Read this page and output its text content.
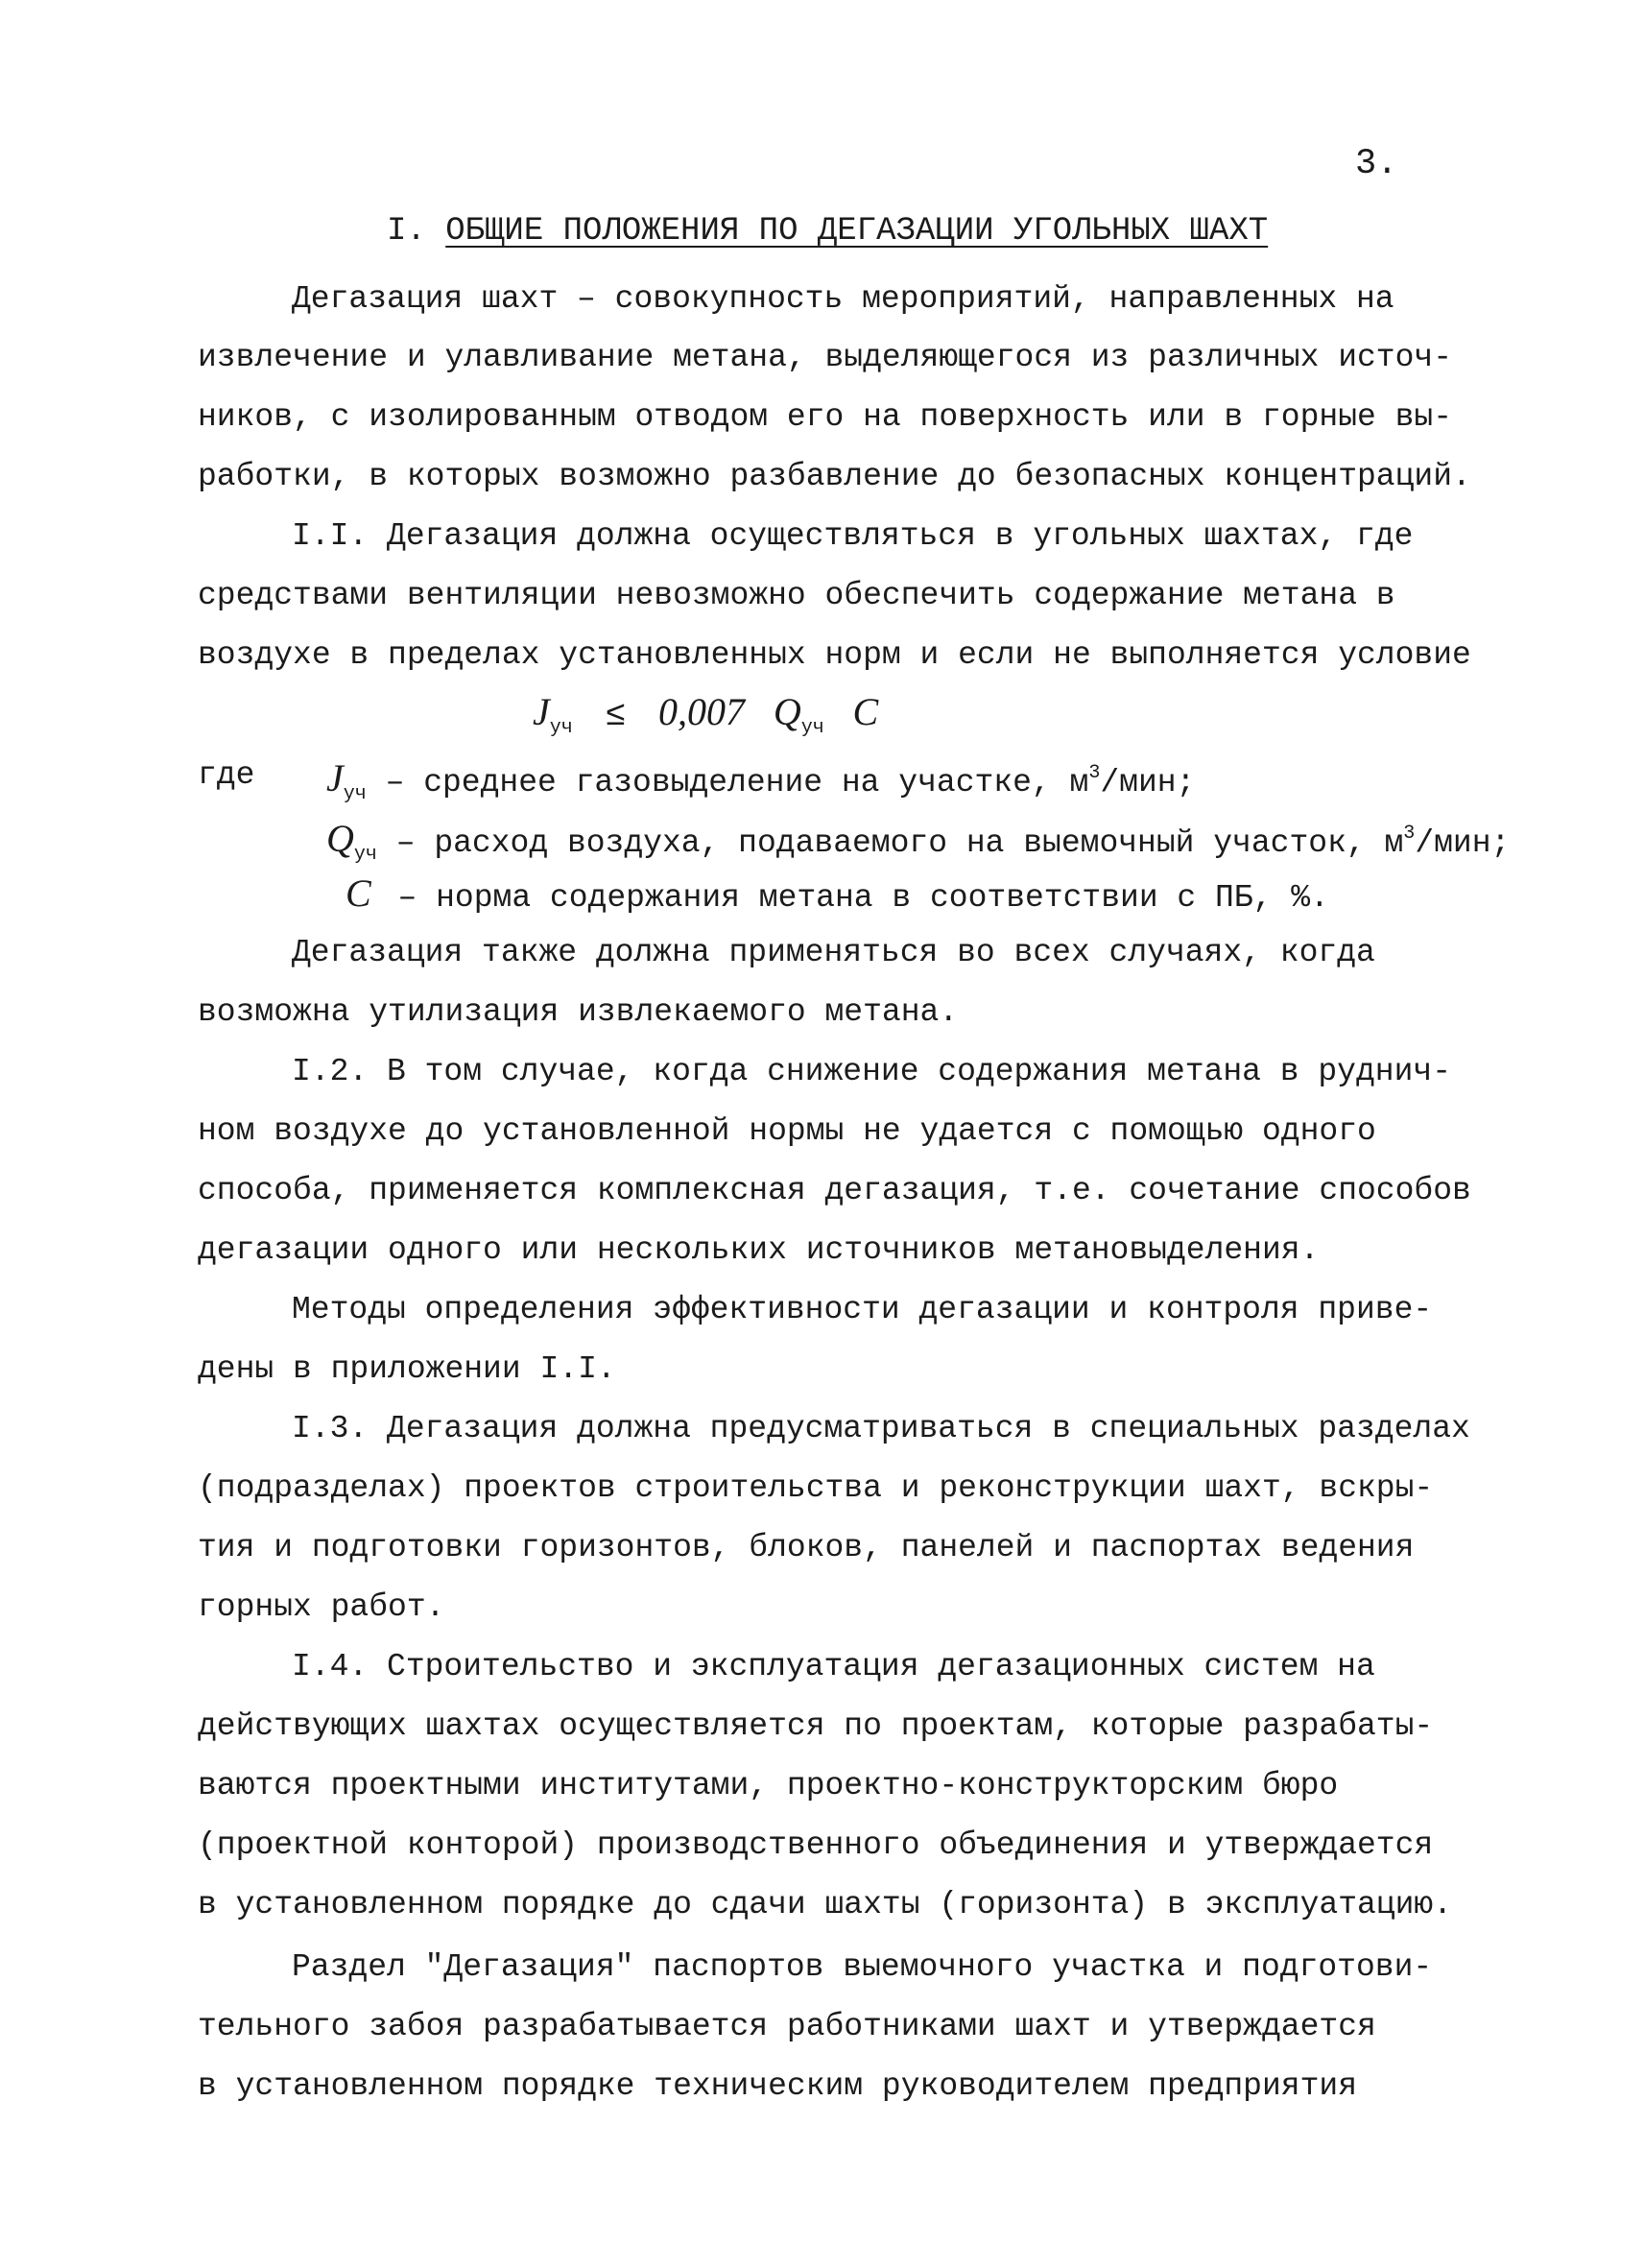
3.
I. ОБЩИЕ ПОЛОЖЕНИЯ ПО ДЕГАЗАЦИИ УГОЛЬНЫХ ШАХТ
Дегазация шахт – совокупность мероприятий, направленных на
извлечение и улавливание метана, выделяющегося из различных источ-
ников, с изолированным отводом его на поверхность или в горные вы-
работки, в которых возможно разбавление до безопасных концентраций.
I.I. Дегазация должна осуществляться в угольных шахтах, где
средствами вентиляции невозможно обеспечить содержание метана в
воздухе в пределах установленных норм и если не выполняется условие
$J_{уч} \le 0,007$ $Q_{уч}$ С
где $J_{уч}$ – среднее газовыделение на участке, $м^3$/мин;
$Q_{уч}$ – расход воздуха, подаваемого на выемочный участок, $м^3$/мин;
С – норма содержания метана в соответствии с ПБ, %.
Дегазация также должна применяться во всех случаях, когда
возможна утилизация извлекаемого метана.
I.2. В том случае, когда снижение содержания метана в руднич-
ном воздухе до установленной нормы не удается с помощью одного
способа, применяется комплексная дегазация, т.е. сочетание способов
дегазации одного или нескольких источников метановыделения.
Методы определения эффективности дегазации и контроля приве-
дены в приложении I.I.
I.3. Дегазация должна предусматриваться в специальных разделах
(подразделах) проектов строительства и реконструкции шахт, вскры-
тия и подготовки горизонтов, блоков, панелей и паспортах ведения
горных работ.
I.4. Строительство и эксплуатация дегазационных систем на
действующих шахтах осуществляется по проектам, которые разрабаты-
ваются проектными институтами, проектно-конструкторским бюро
(проектной конторой) производственного объединения и утверждается
в установленном порядке до сдачи шахты (горизонта) в эксплуатацию.
Раздел "Дегазация" паспортов выемочного участка и подготови-
тельного забоя разрабатывается работниками шахт и утверждается
в установленном порядке техническим руководителем предприятия
